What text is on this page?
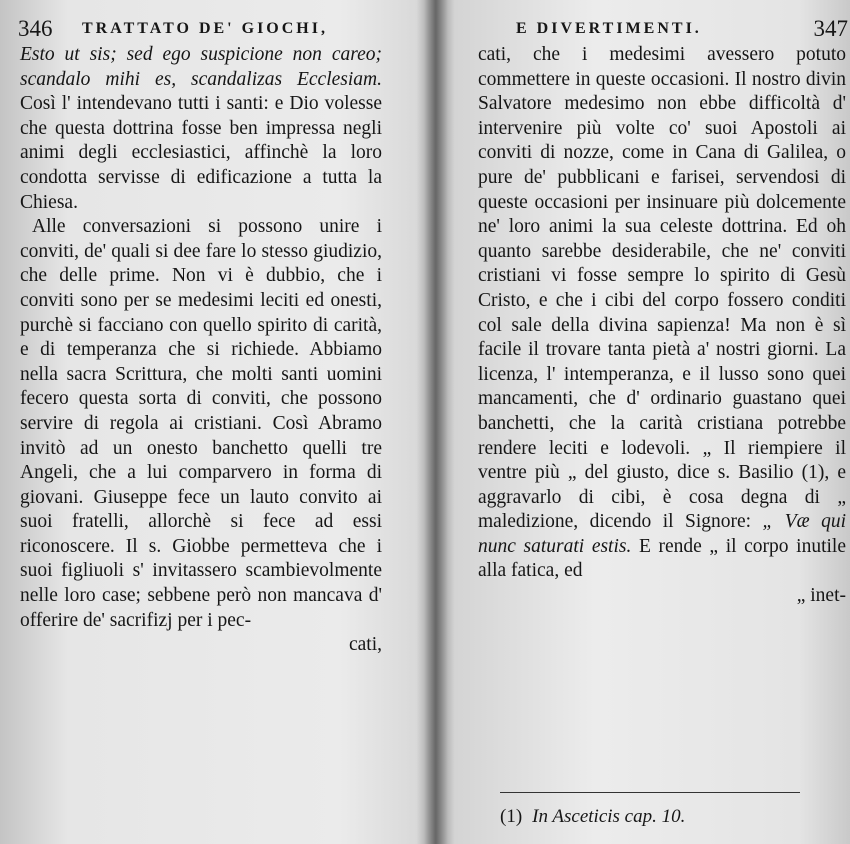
346 TRATTATO DE' GIOCHI,

Esto ut sis; sed ego suspicione non careo; scandalo mihi es, scandalizas Ecclesiam. Così l' intendevano tutti i santi: e Dio volesse che questa dottrina fosse ben impressa negli animi degli ecclesiastici, affinchè la loro condotta servisse di edificazione a tutta la Chiesa.

Alle conversazioni si possono unire i conviti, de' quali si dee fare lo stesso giudizio, che delle prime. Non vi è dubbio, che i conviti sono per se medesimi leciti ed onesti, purchè si facciano con quello spirito di carità, e di temperanza che si richiede. Abbiamo nella sacra Scrittura, che molti santi uomini fecero questa sorta di conviti, che possono servire di regola ai cristiani. Così Abramo invitò ad un onesto banchetto quelli tre Angeli, che a lui comparvero in forma di giovani. Giuseppe fece un lauto convito ai suoi fratelli, allorchè si fece ad essi riconoscere. Il s. Giobbe permetteva che i suoi figliuoli s' invitassero scambievolmente nelle loro case; sebbene però non mancava d' offerire de' sacrifizj per i pec-

cati,
E DIVERTIMENTI.	347

cati, che i medesimi avessero potuto commettere in queste occasioni. Il nostro divin Salvatore medesimo non ebbe difficoltà d' intervenire più volte co' suoi Apostoli ai conviti di nozze, come in Cana di Galilea, o pure de' pubblicani e farisei, servendosi di queste occasioni per insinuare più dolcemente ne' loro animi la sua celeste dottrina. Ed oh quanto sarebbe desiderabile, che ne' conviti cristiani vi fosse sempre lo spirito di Gesù Cristo, e che i cibi del corpo fossero conditi col sale della divina sapienza! Ma non è sì facile il trovare tanta pietà a' nostri giorni. La licenza, l' intemperanza, e il lusso sono quei mancamenti, che d' ordinario guastano quei banchetti, che la carità cristiana potrebbe rendere leciti e lodevoli. „ Il riempiere il ventre più „ del giusto, dice s. Basilio (1), e aggravarlo di cibi, è cosa degna di „ maledizione, dicendo il Signore: „ Væ qui nunc saturati estis. E rende „ il corpo inutile alla fatica, ed

„ inet-
(1) In Asceticis cap. 10.
